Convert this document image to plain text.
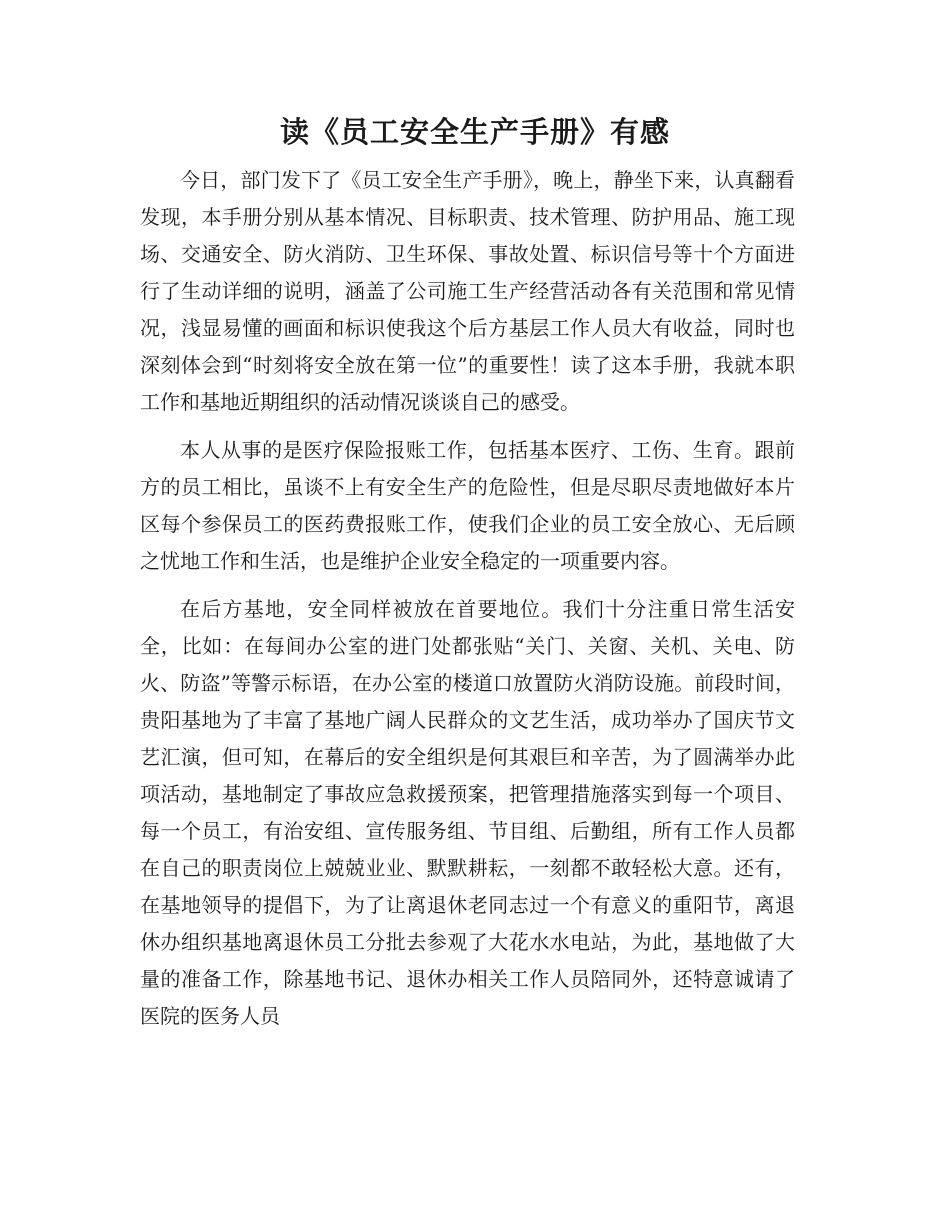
读《员工安全生产手册》有感

今日，部门发下了《员工安全生产手册》，晚上，静坐下来，认真翻看发现，本手册分别从基本情况、目标职责、技术管理、防护用品、施工现场、交通安全、防火消防、卫生环保、事故处置、标识信号等十个方面进行了生动详细的说明，涵盖了公司施工生产经营活动各有关范围和常见情况，浅显易懂的画面和标识使我这个后方基层工作人员大有收益，同时也深刻体会到“时刻将安全放在第一位”的重要性！读了这本手册，我就本职工作和基地近期组织的活动情况谈谈自己的感受。

本人从事的是医疗保险报账工作，包括基本医疗、工伤、生育。跟前方的员工相比，虽谈不上有安全生产的危险性，但是尽职尽责地做好本片区每个参保员工的医药费报账工作，使我们企业的员工安全放心、无后顾之忧地工作和生活，也是维护企业安全稳定的一项重要内容。

在后方基地，安全同样被放在首要地位。我们十分注重日常生活安全，比如：在每间办公室的进门处都张贴“关门、关窗、关机、关电、防火、防盗”等警示标语，在办公室的楼道口放置防火消防设施。前段时间，贵阳基地为了丰富了基地广阔人民群众的文艺生活，成功举办了国庆节文艺汇演，但可知，在幕后的安全组织是何其艰巨和辛苦，为了圆满举办此项活动，基地制定了事故应急救援预案，把管理措施落实到每一个项目、每一个员工，有治安组、宣传服务组、节目组、后勤组，所有工作人员都在自己的职责岗位上兢兢业业、默默耕耘，一刻都不敢轻松大意。还有，在基地领导的提倡下，为了让离退休老同志过一个有意义的重阳节，离退休办组织基地离退休员工分批去参观了大花水水电站，为此，基地做了大量的准备工作，除基地书记、退休办相关工作人员陪同外，还特意诚请了医院的医务人员
